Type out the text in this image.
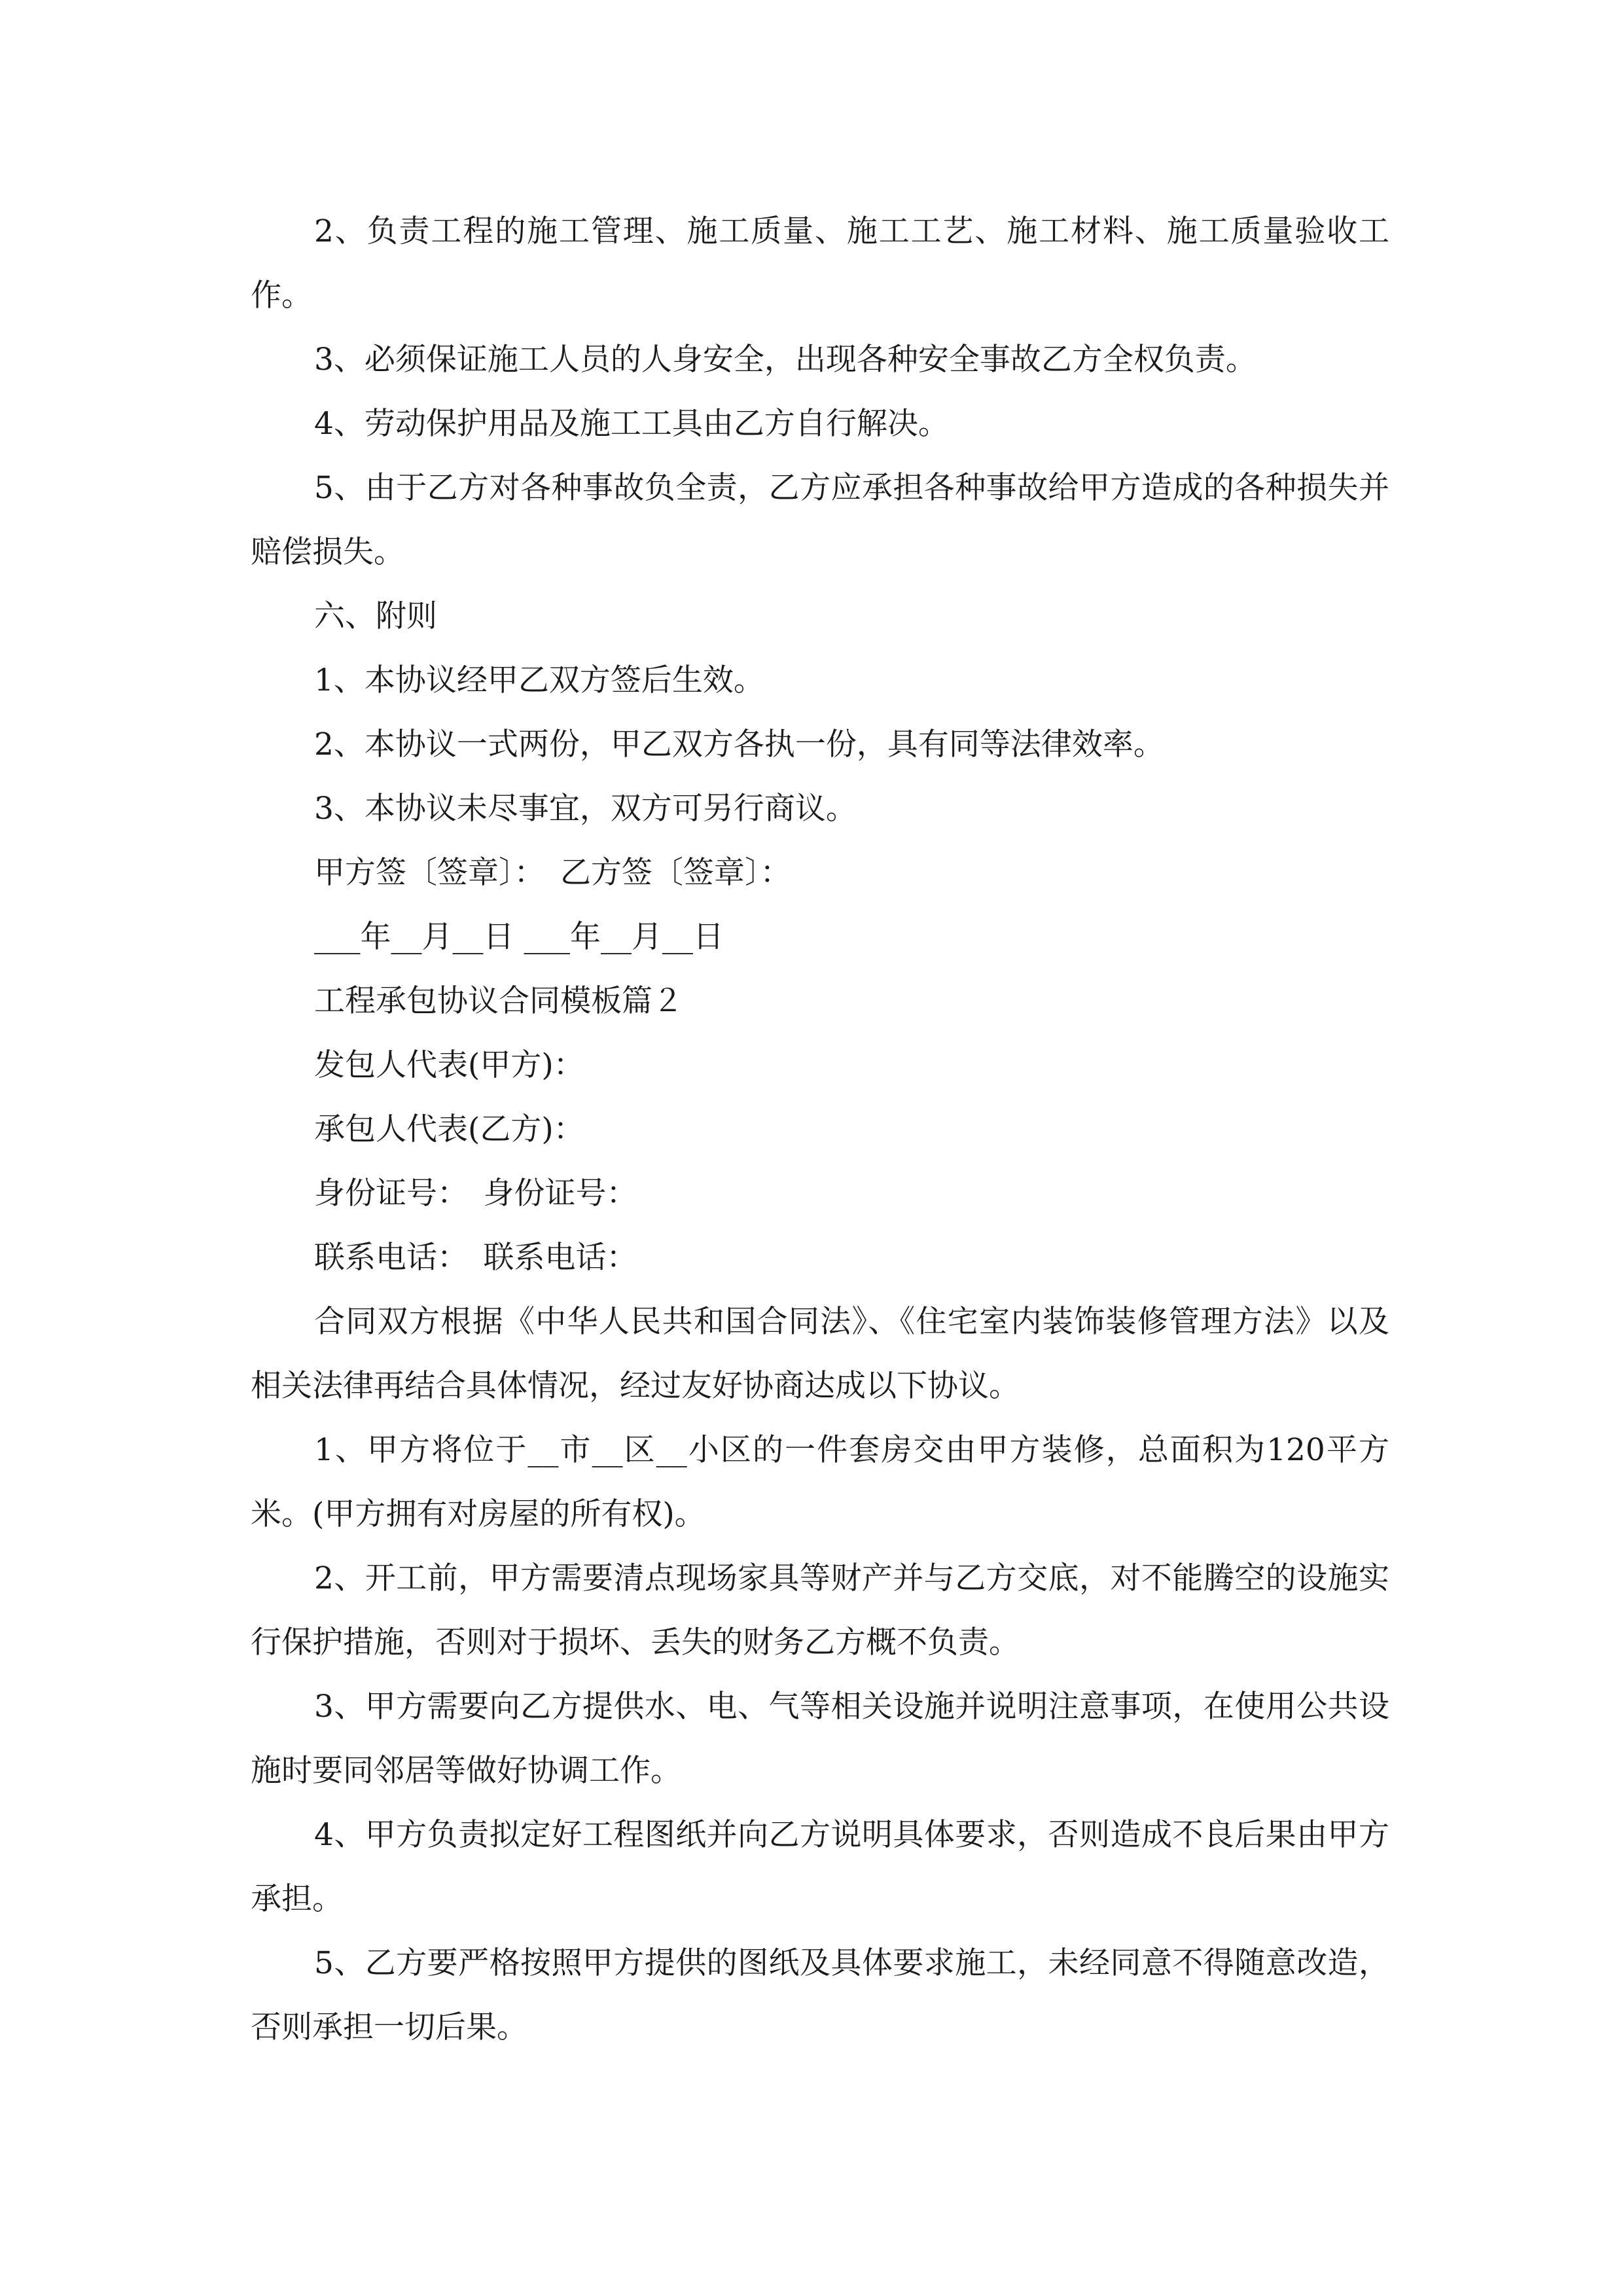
2、负责工程的施工管理、施工质量、施工工艺、施工材料、施工质量验收工作。

3、必须保证施工人员的人身安全，出现各种安全事故乙方全权负责。

4、劳动保护用品及施工工具由乙方自行解决。

5、由于乙方对各种事故负全责，乙方应承担各种事故给甲方造成的各种损失并赔偿损失。

六、附则

1、本协议经甲乙双方签后生效。

2、本协议一式两份，甲乙双方各执一份，具有同等法律效率。

3、本协议未尽事宜，双方可另行商议。

甲方签〔签章〕：　乙方签〔签章〕：

___年__月__日 ___年__月__日

工程承包协议合同模板篇２

发包人代表(甲方)：

承包人代表(乙方)：

身份证号：　身份证号：

联系电话：　联系电话：

合同双方根据《中华人民共和国合同法》、《住宅室内装饰装修管理方法》以及相关法律再结合具体情况，经过友好协商达成以下协议。

1、甲方将位于__市__区__小区的一件套房交由甲方装修，总面积为120平方米。(甲方拥有对房屋的所有权)。

2、开工前，甲方需要清点现场家具等财产并与乙方交底，对不能腾空的设施实行保护措施，否则对于损坏、丢失的财务乙方概不负责。

3、甲方需要向乙方提供水、电、气等相关设施并说明注意事项，在使用公共设施时要同邻居等做好协调工作。

4、甲方负责拟定好工程图纸并向乙方说明具体要求，否则造成不良后果由甲方承担。

5、乙方要严格按照甲方提供的图纸及具体要求施工，未经同意不得随意改造，否则承担一切后果。
